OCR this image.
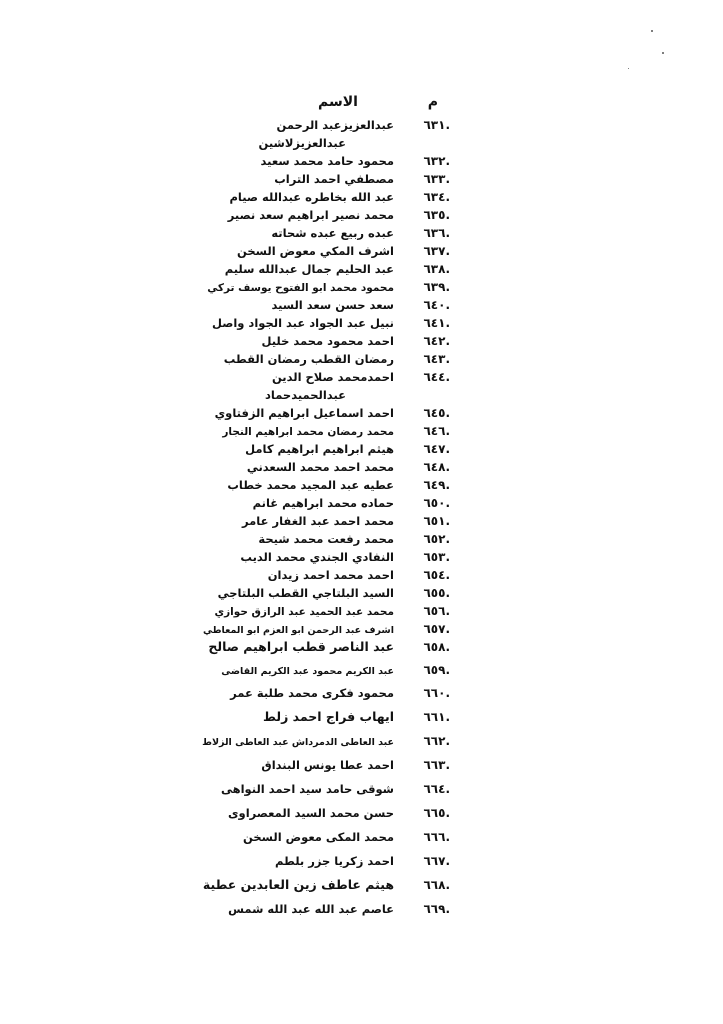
م
الاسم
.٦٣١
عبدالعزيزعبد الرحمن
عبدالعزيزلاشين
.٦٣٢
محمود حامد محمد سعيد
.٦٣٣
مصطفي احمد التراب
.٦٣٤
عبد الله بخاطره عبدالله صيام
.٦٣٥
محمد نصير ابراهيم سعد نصير
.٦٣٦
عبده ربيع عبده شحاته
.٦٣٧
اشرف المكي معوض السخن
.٦٣٨
عبد الحليم جمال عبدالله سليم
.٦٣٩
محمود محمد ابو الفتوح يوسف تركي
.٦٤٠
سعد حسن سعد السيد
.٦٤١
نبيل عبد الجواد عبد الجواد واصل
.٦٤٢
احمد محمود محمد خليل
.٦٤٣
رمضان القطب رمضان القطب
.٦٤٤
احمدمحمد صلاح الدين
عبدالحميدحماد
.٦٤٥
احمد اسماعيل ابراهيم الزفتاوي
.٦٤٦
محمد رمضان محمد ابراهيم النجار
.٦٤٧
هيثم ابراهيم ابراهيم كامل
.٦٤٨
محمد احمد محمد السعدني
.٦٤٩
عطيه عبد المجيد محمد خطاب
.٦٥٠
حماده محمد ابراهيم غانم
.٦٥١
محمد احمد عبد الغفار عامر
.٦٥٢
محمد رفعت محمد شيحة
.٦٥٣
النفادي الجندي محمد الديب
.٦٥٤
احمد محمد احمد زيدان
.٦٥٥
السيد البلتاجي القطب البلتاجي
.٦٥٦
محمد عبد الحميد عبد الرازق حوازي
.٦٥٧
اشرف عبد الرحمن ابو العزم ابو المعاطي
.٦٥٨
عبد الناصر قطب ابراهيم صالح
.٦٥٩
عبد الكريم محمود عبد الكريم القاضى
.٦٦٠
محمود فكرى محمد طلبة عمر
.٦٦١
ايهاب فراج احمد زلط
.٦٦٢
عبد العاطى الدمرداش عبد العاطى الزلاط
.٦٦٣
احمد عطا يونس البنداق
.٦٦٤
شوقى حامد سيد احمد النواهى
.٦٦٥
حسن محمد السيد المعصراوى
.٦٦٦
محمد المكى معوض السخن
.٦٦٧
احمد زكريا جزر بلطم
.٦٦٨
هيثم عاطف زين العابدين عطية
.٦٦٩
عاصم عبد الله عبد الله شمس
